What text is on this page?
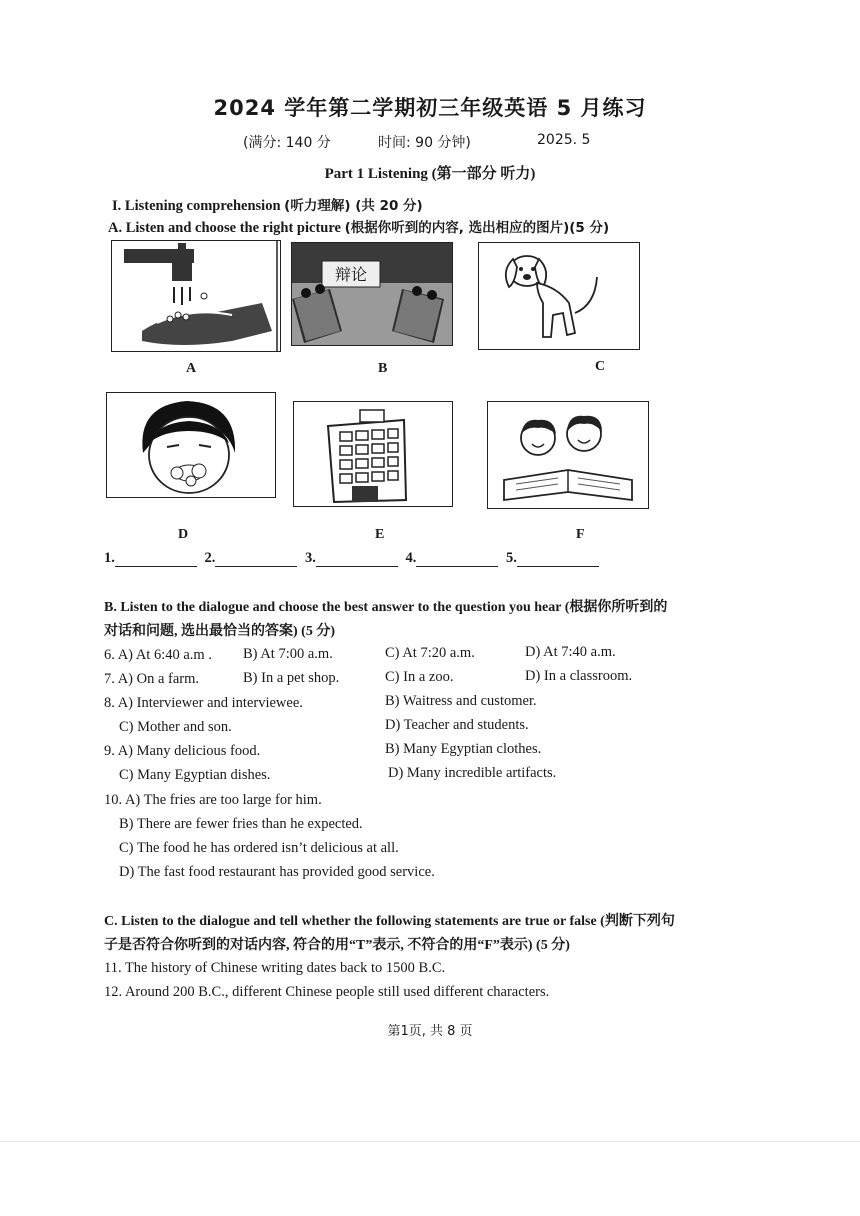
2024 学年第二学期初三年级英语 5 月练习
(满分: 140 分	时间: 90 分钟)	2025. 5
Part 1 Listening (第一部分 听力)
I. Listening comprehension (听力理解) (共 20 分)
A. Listen and choose the right picture (根据你听到的内容, 选出相应的图片)(5 分)
辩论
A	B	C
D	E	F
1.	2.	3.	4.	5.
B. Listen to the dialogue and choose the best answer to the question you hear (根据你所听到的
对话和问题, 选出最恰当的答案) (5 分)
6. A) At 6:40 a.m . B) At 7:00 a.m.	C) At 7:20 a.m.	D) At 7:40 a.m.
7. A) On a farm.	B) In a pet shop.	C) In a zoo.	D) In a classroom.
8. A) Interviewer and interviewee.	B) Waitress and customer.
C) Mother and son.	D) Teacher and students.
9. A) Many delicious food.	B) Many Egyptian clothes.
C) Many Egyptian dishes.	D) Many incredible artifacts.
10. A) The fries are too large for him.
B) There are fewer fries than he expected.
C) The food he has ordered isn’t delicious at all.
D) The fast food restaurant has provided good service.
C. Listen to the dialogue and tell whether the following statements are true or false (判断下列句
子是否符合你听到的对话内容, 符合的用“T”表示, 不符合的用“F”表示) (5 分)
11. The history of Chinese writing dates back to 1500 B.C.
12. Around 200 B.C., different Chinese people still used different characters.
第1页, 共 8 页
